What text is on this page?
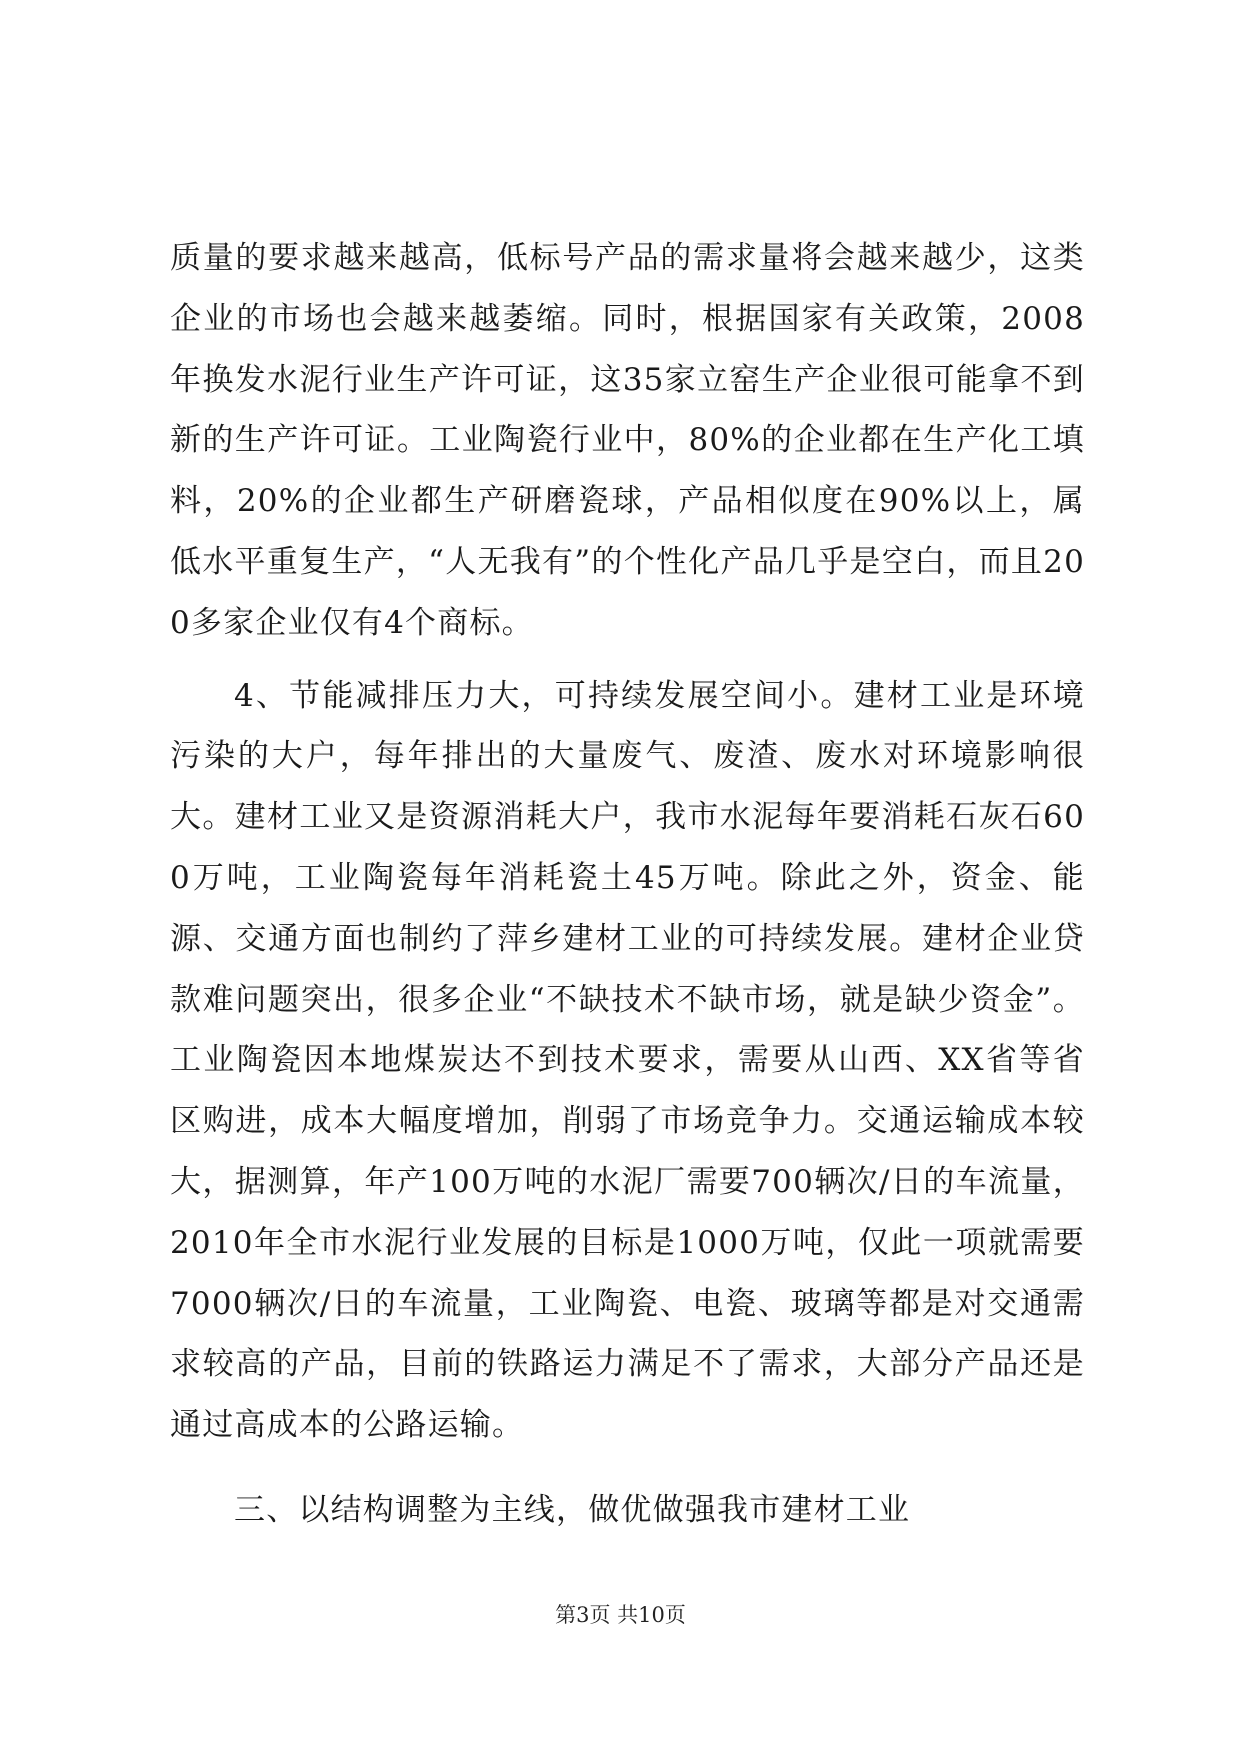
质量的要求越来越高，低标号产品的需求量将会越来越少，这类企业的市场也会越来越萎缩。同时，根据国家有关政策，2008年换发水泥行业生产许可证，这35家立窑生产企业很可能拿不到新的生产许可证。工业陶瓷行业中，80%的企业都在生产化工填料，20%的企业都生产研磨瓷球，产品相似度在90%以上，属低水平重复生产，“人无我有”的个性化产品几乎是空白，而且200多家企业仅有4个商标。

4、节能减排压力大，可持续发展空间小。建材工业是环境污染的大户，每年排出的大量废气、废渣、废水对环境影响很大。建材工业又是资源消耗大户，我市水泥每年要消耗石灰石600万吨，工业陶瓷每年消耗瓷土45万吨。除此之外，资金、能源、交通方面也制约了萍乡建材工业的可持续发展。建材企业贷款难问题突出，很多企业“不缺技术不缺市场，就是缺少资金”。工业陶瓷因本地煤炭达不到技术要求，需要从山西、XX省等省区购进，成本大幅度增加，削弱了市场竞争力。交通运输成本较大，据测算，年产100万吨的水泥厂需要700辆次/日的车流量，2010年全市水泥行业发展的目标是1000万吨，仅此一项就需要7000辆次/日的车流量，工业陶瓷、电瓷、玻璃等都是对交通需求较高的产品，目前的铁路运力满足不了需求，大部分产品还是通过高成本的公路运输。

三、以结构调整为主线，做优做强我市建材工业

第3页 共10页
